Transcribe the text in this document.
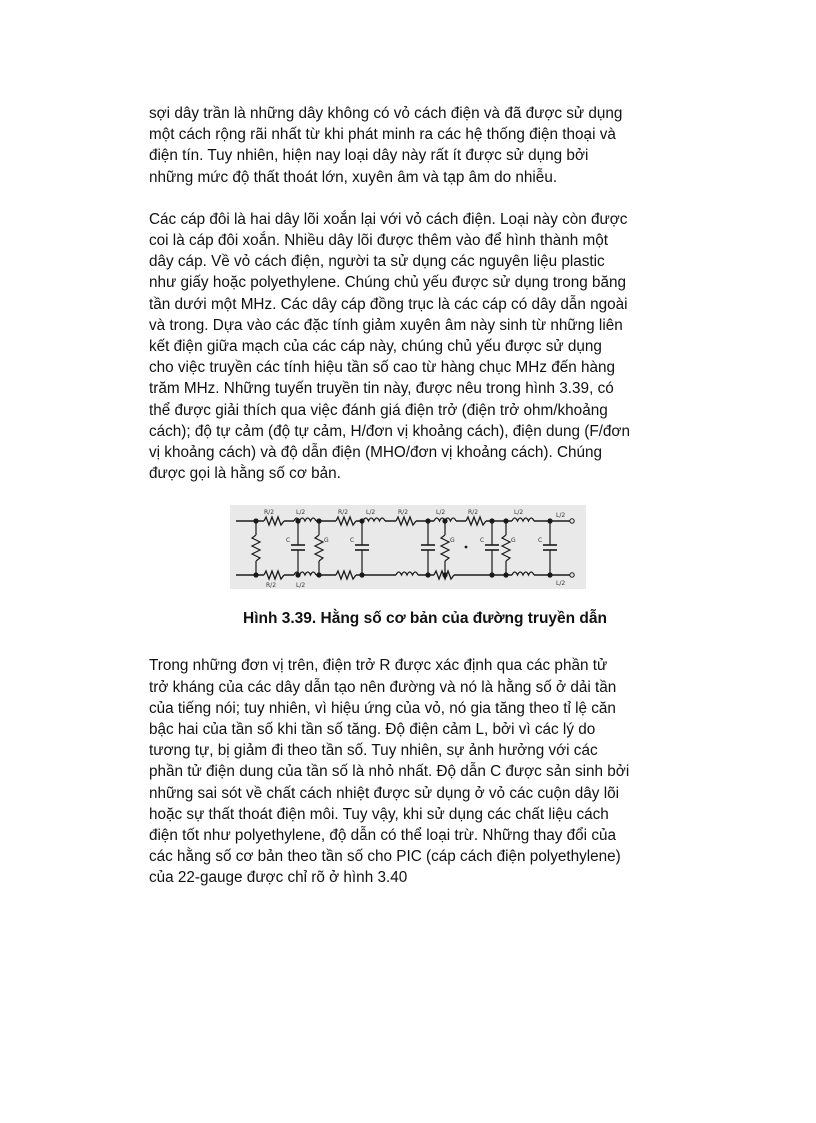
sợi dây trần là những dây không có vỏ cách điện và đã được sử dụng
một cách rộng rãi nhất từ khi phát minh ra các hệ thống điện thoại và
điện tín. Tuy nhiên, hiện nay loại dây này rất ít được sử dụng bởi
những mức độ thất thoát lớn, xuyên âm và tạp âm do nhiễu.

Các cáp đôi là hai dây lõi xoắn lại với vỏ cách điện. Loại này còn được
coi là cáp đôi xoắn. Nhiều dây lõi được thêm vào để hình thành một
dây cáp. Về vỏ cách điện, người ta sử dụng các nguyên liệu plastic
như giấy hoặc polyethylene. Chúng chủ yếu được sử dụng trong băng
tần dưới một MHz. Các dây cáp đồng trục là các cáp có dây dẫn ngoài
và trong. Dựa vào các đặc tính giảm xuyên âm này sinh từ những liên
kết điện giữa mạch của các cáp này, chúng chủ yếu được sử dụng
cho việc truyền các tính hiệu tần số cao từ hàng chục MHz đến hàng
trăm MHz. Những tuyến truyền tin này, được nêu trong hình 3.39, có
thể được giải thích qua việc đánh giá điện trở (điện trở ohm/khoảng
cách); độ tự cảm (độ tự cảm, H/đơn vị khoảng cách), điện dung (F/đơn
vị khoảng cách) và độ dẫn điện (MHO/đơn vị khoảng cách). Chúng
được gọi là hằng số cơ bản.

R/2	L/2	R/2	L/2	R/2	L/2	R/2	L/2
R/2	L/2
L/2
L/2
C	G	C	G	C	G	C
Hình 3.39. Hằng số cơ bản của đường truyền dẫn

Trong những đơn vị trên, điện trở R được xác định qua các phần tử
trở kháng của các dây dẫn tạo nên đường và nó là hằng số ở dải tần
của tiếng nói; tuy nhiên, vì hiệu ứng của vỏ, nó gia tăng theo tỉ lệ căn
bậc hai của tần số khi tần số tăng. Độ điện cảm L, bởi vì các lý do
tương tự, bị giảm đi theo tần số. Tuy nhiên, sự ảnh hưởng với các
phần tử điện dung của tần số là nhỏ nhất. Độ dẫn C được sản sinh bởi
những sai sót về chất cách nhiệt được sử dụng ở vỏ các cuộn dây lõi
hoặc sự thất thoát điện môi. Tuy vậy, khi sử dụng các chất liệu cách
điện tốt như polyethylene, độ dẫn có thể loại trừ. Những thay đổi của
các hằng số cơ bản theo tần số cho PIC (cáp cách điện polyethylene)
của 22-gauge được chỉ rõ ở hình 3.40
